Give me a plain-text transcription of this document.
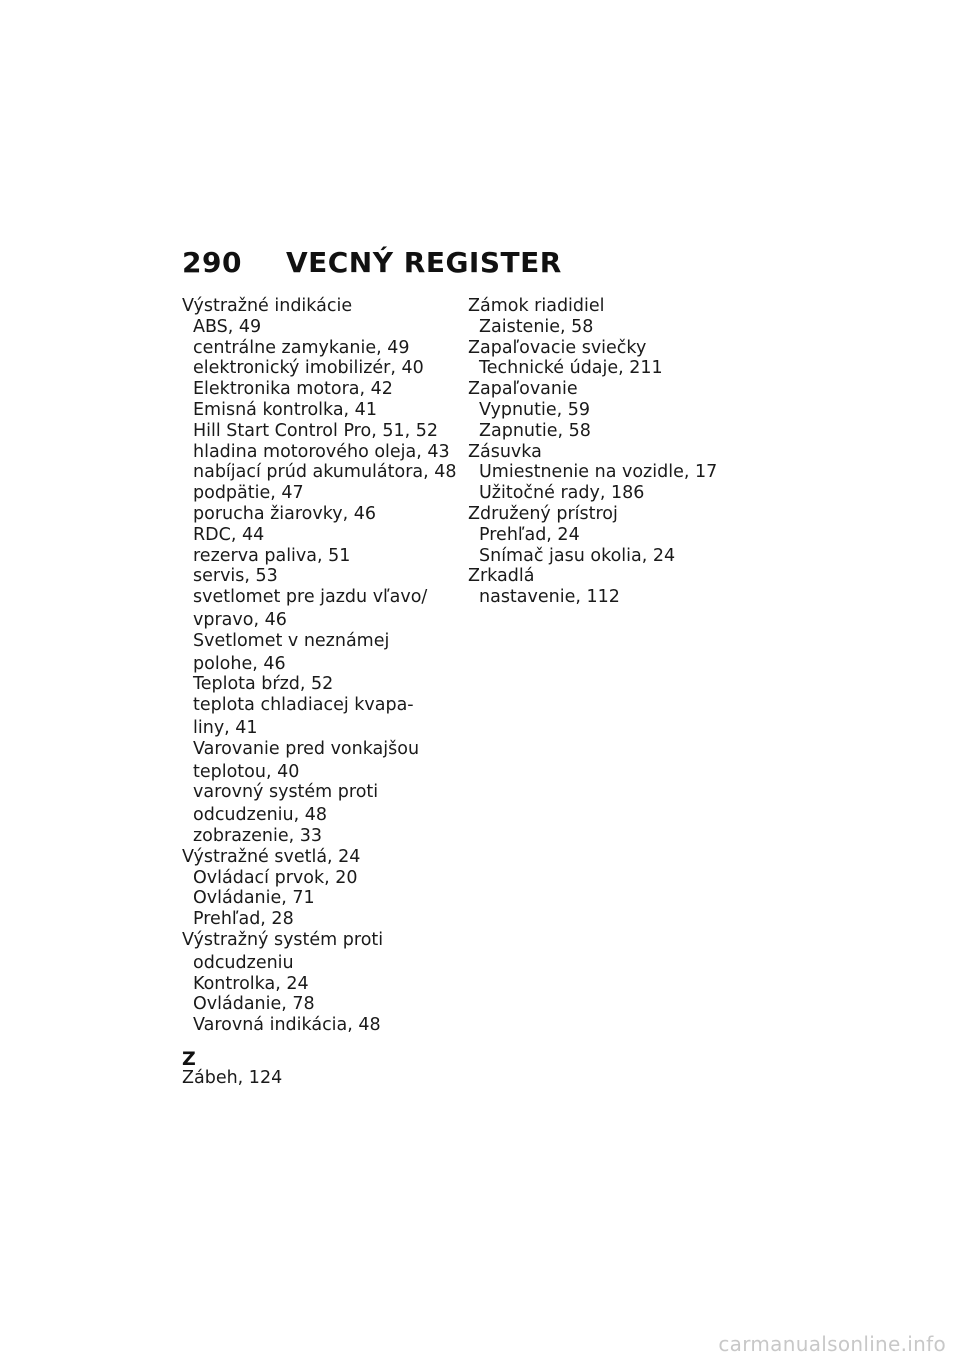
290 VECNÝ REGISTER
Výstražné indikácie
ABS, 49
centrálne zamykanie, 49
elektronický imobilizér, 40
Elektronika motora, 42
Emisná kontrolka, 41
Hill Start Control Pro, 51, 52
hladina motorového oleja, 43
nabíjací prúd akumulátora, 48
podpätie, 47
porucha žiarovky, 46
RDC, 44
rezerva paliva, 51
servis, 53
svetlomet pre jazdu vľavo/
vpravo, 46
Svetlomet v neznámej
polohe, 46
Teplota bŕzd, 52
teplota chladiacej kvapa-
liny, 41
Varovanie pred vonkajšou
teplotou, 40
varovný systém proti
odcudzeniu, 48
zobrazenie, 33
Výstražné svetlá, 24
Ovládací prvok, 20
Ovládanie, 71
Prehľad, 28
Výstražný systém proti
odcudzeniu
Kontrolka, 24
Ovládanie, 78
Varovná indikácia, 48
Z
Zábeh, 124
Zámok riadidiel
Zaistenie, 58
Zapaľovacie sviečky
Technické údaje, 211
Zapaľovanie
Vypnutie, 59
Zapnutie, 58
Zásuvka
Umiestnenie na vozidle, 17
Užitočné rady, 186
Združený prístroj
Prehľad, 24
Snímač jasu okolia, 24
Zrkadlá
nastavenie, 112
carmanualsonline.info
